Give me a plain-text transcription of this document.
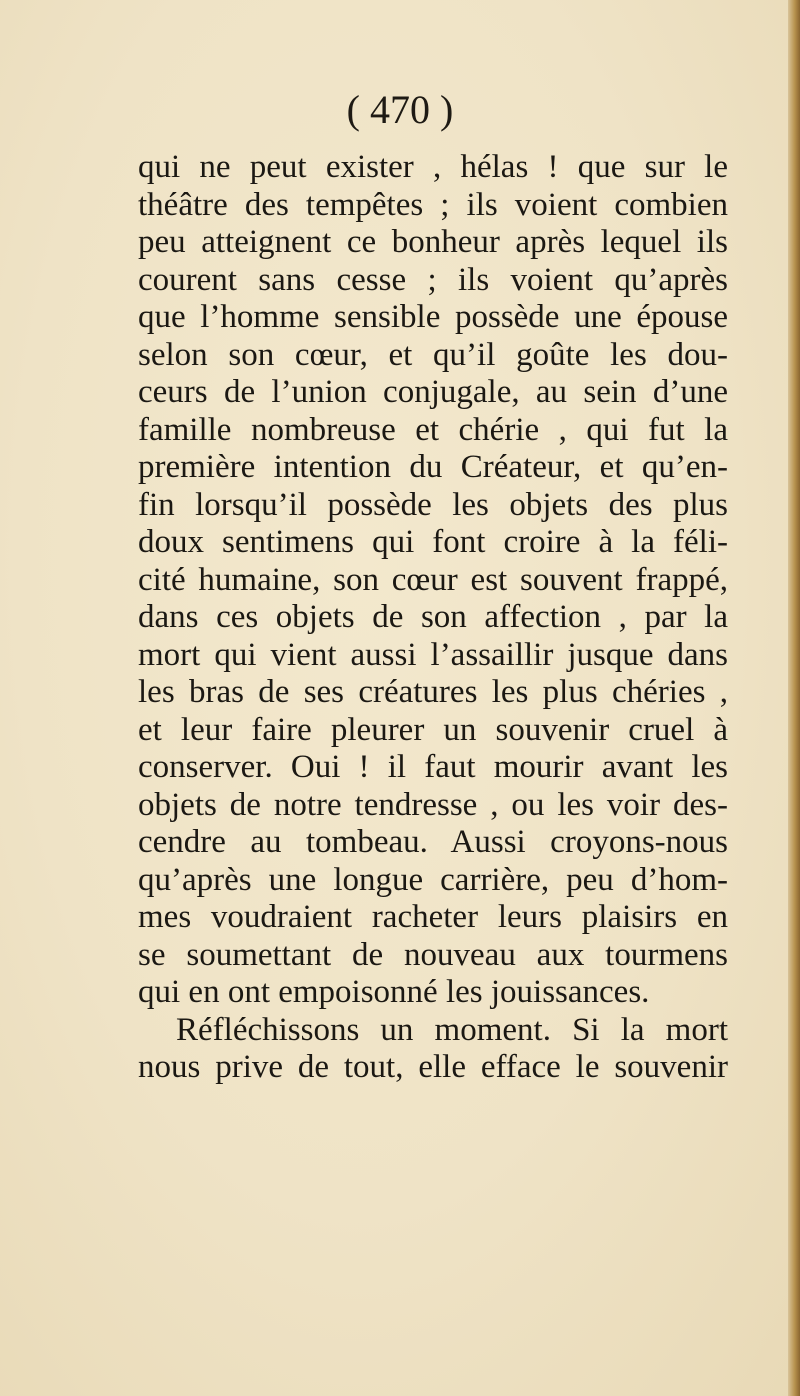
( 470 )
qui ne peut exister , hélas ! que sur le
théâtre des tempêtes ; ils voient combien
peu atteignent ce bonheur après lequel ils
courent sans cesse ; ils voient qu’après
que l’homme sensible possède une épouse
selon son cœur, et qu’il goûte les dou-
ceurs de l’union conjugale, au sein d’une
famille nombreuse et chérie , qui fut la
première intention du Créateur, et qu’en-
fin lorsqu’il possède les objets des plus
doux sentimens qui font croire à la féli-
cité humaine, son cœur est souvent frappé,
dans ces objets de son affection , par la
mort qui vient aussi l’assaillir jusque dans
les bras de ses créatures les plus chéries ,
et leur faire pleurer un souvenir cruel à
conserver. Oui ! il faut mourir avant les
objets de notre tendresse , ou les voir des-
cendre au tombeau. Aussi croyons-nous
qu’après une longue carrière, peu d’hom-
mes voudraient racheter leurs plaisirs en
se soumettant de nouveau aux tourmens
qui en ont empoisonné les jouissances.
Réfléchissons un moment. Si la mort
nous prive de tout, elle efface le souvenir
